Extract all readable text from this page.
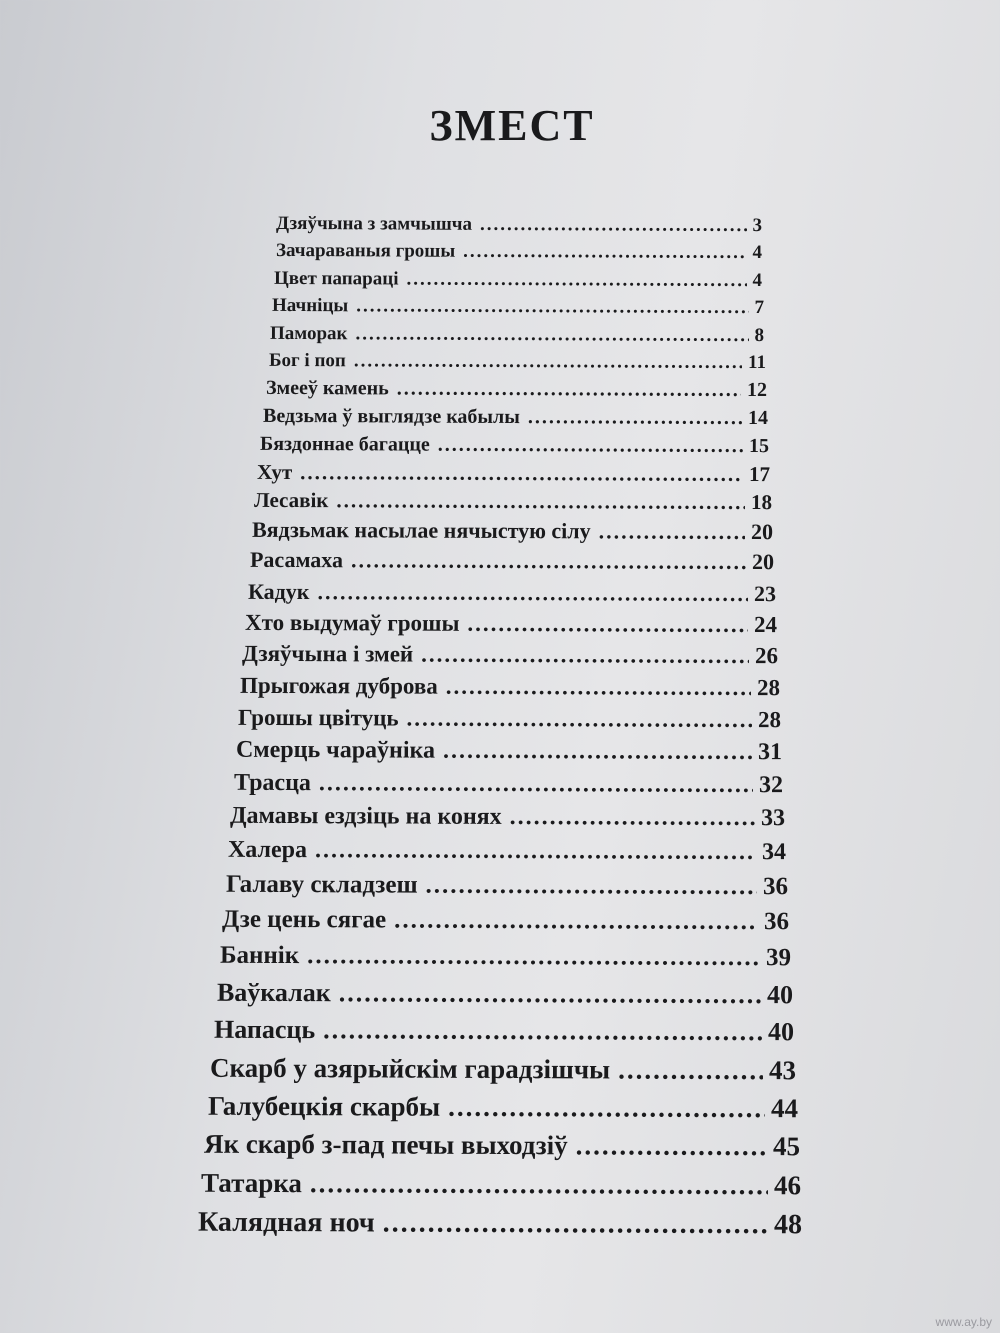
ЗМЕСТ
Дзяўчына з замчышча .....	3
Зачараваныя грошы .....	4
Цвет папараці .....	4
Начніцы .....	7
Паморак .....	8
Бог і поп .....	11
Змееў камень .....	12
Ведзьма ў выглядзе кабылы .....	14
Бяздоннае багацце .....	15
Хут .....	17
Лесавік .....	18
Вядзьмак насылае нячыстую сілу .....	20
Расамаха .....	20
Кадук .....	23
Хто выдумаў грошы .....	24
Дзяўчына і змей .....	26
Прыгожая дуброва .....	28
Грошы цвітуць .....	28
Смерць чараўніка .....	31
Трасца .....	32
Дамавы ездзіць на конях .....	33
Халера .....	34
Галаву складзеш .....	36
Дзе цень сягае .....	36
Баннік .....	39
Ваўкалак .....	40
Напасць .....	40
Скарб у азярыйскім гарадзішчы .....	43
Галубецкія скарбы .....	44
Як скарб з-пад печы выходзіў .....	45
Татарка .....	46
Калядная ноч .....	48
www.ay.by
